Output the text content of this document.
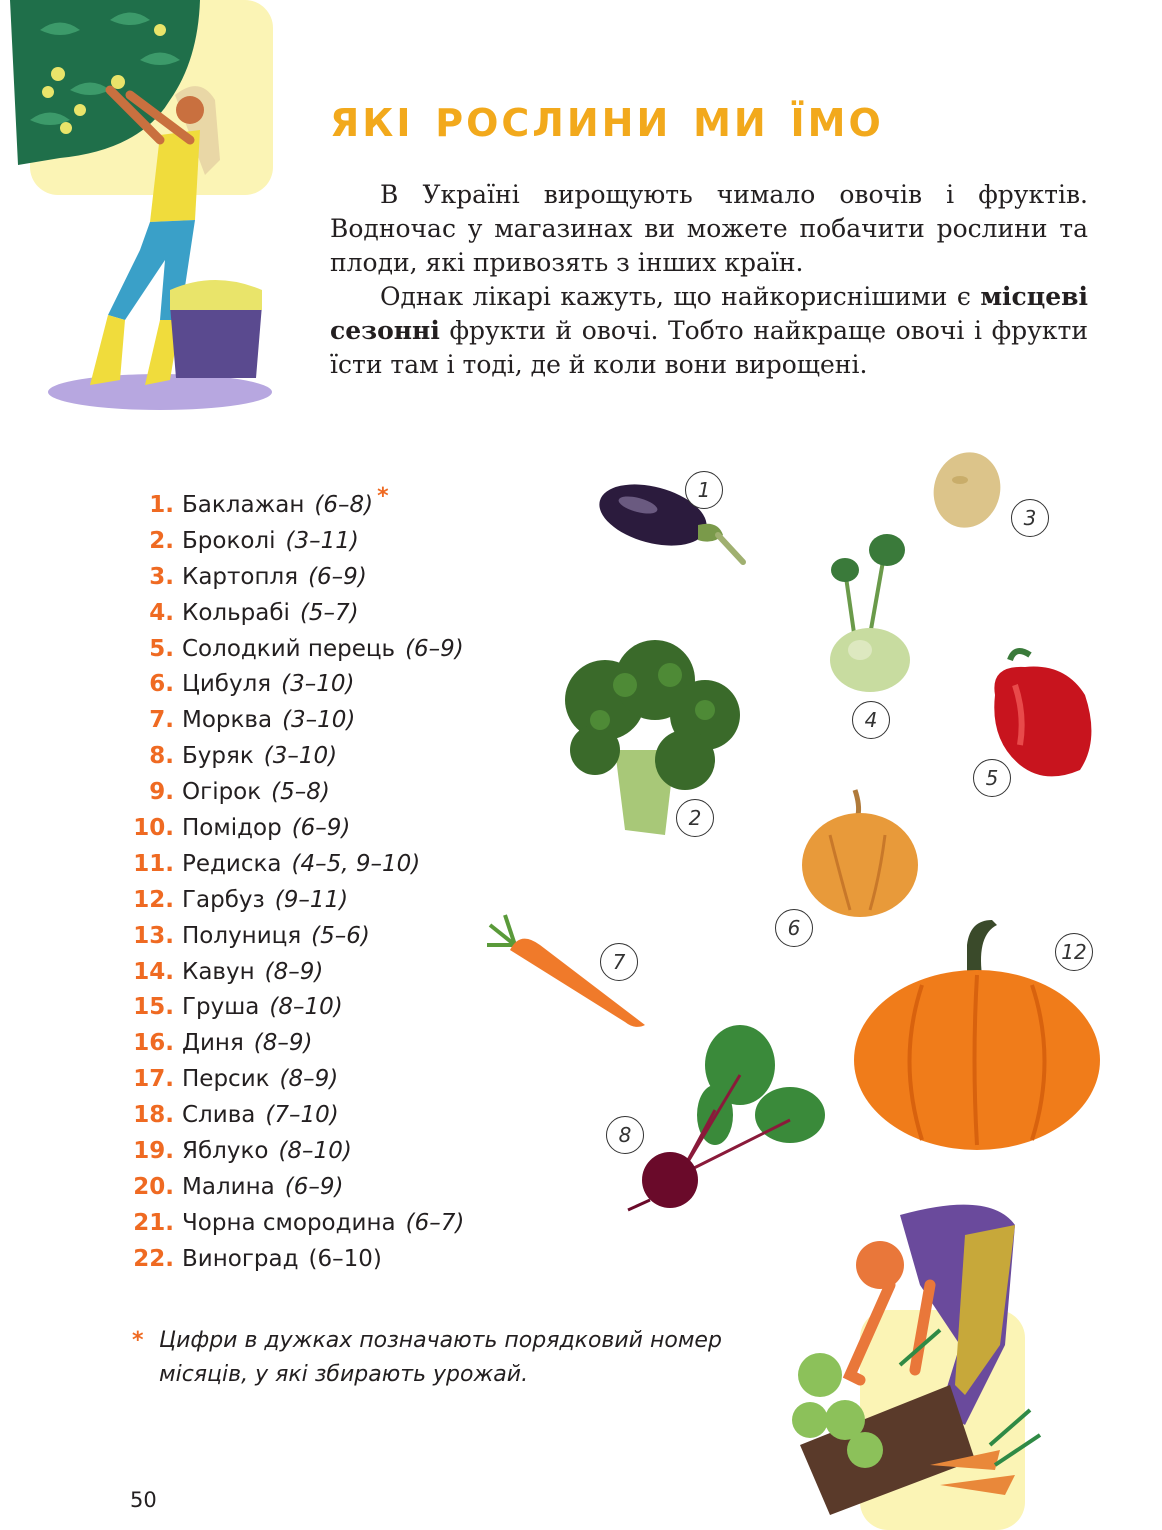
які рослини ми їмо

В Україні вирощують чимало овочів і фруктів. Водночас у магазинах ви можете побачити рослини та плоди, які привозять з інших країн.

Однак лікарі кажуть, що найкориснішими є місцеві сезонні фрукти й овочі. Тобто найкраще овочі і фрукти їсти там і тоді, де й коли вони вирощені.

1. Баклажан (6–8) *
2. Броколі (3–11)
3. Картопля (6–9)
4. Кольрабі (5–7)
5. Солодкий перець (6–9)
6. Цибуля (3–10)
7. Морква (3–10)
8. Буряк (3–10)
9. Огірок (5–8)
10. Помідор (6–9)
11. Редиска (4–5, 9–10)
12. Гарбуз (9–11)
13. Полуниця (5–6)
14. Кавун (8–9)
15. Груша (8–10)
16. Диня (8–9)
17. Персик (8–9)
18. Слива (7–10)
19. Яблуко (8–10)
20. Малина (6–9)
21. Чорна смородина (6–7)
22. Виноград (6–10)
1
3
4
5
2
6
12
7
8
* Цифри в дужках позначають порядковий номер місяців, у які збирають урожай.
50
